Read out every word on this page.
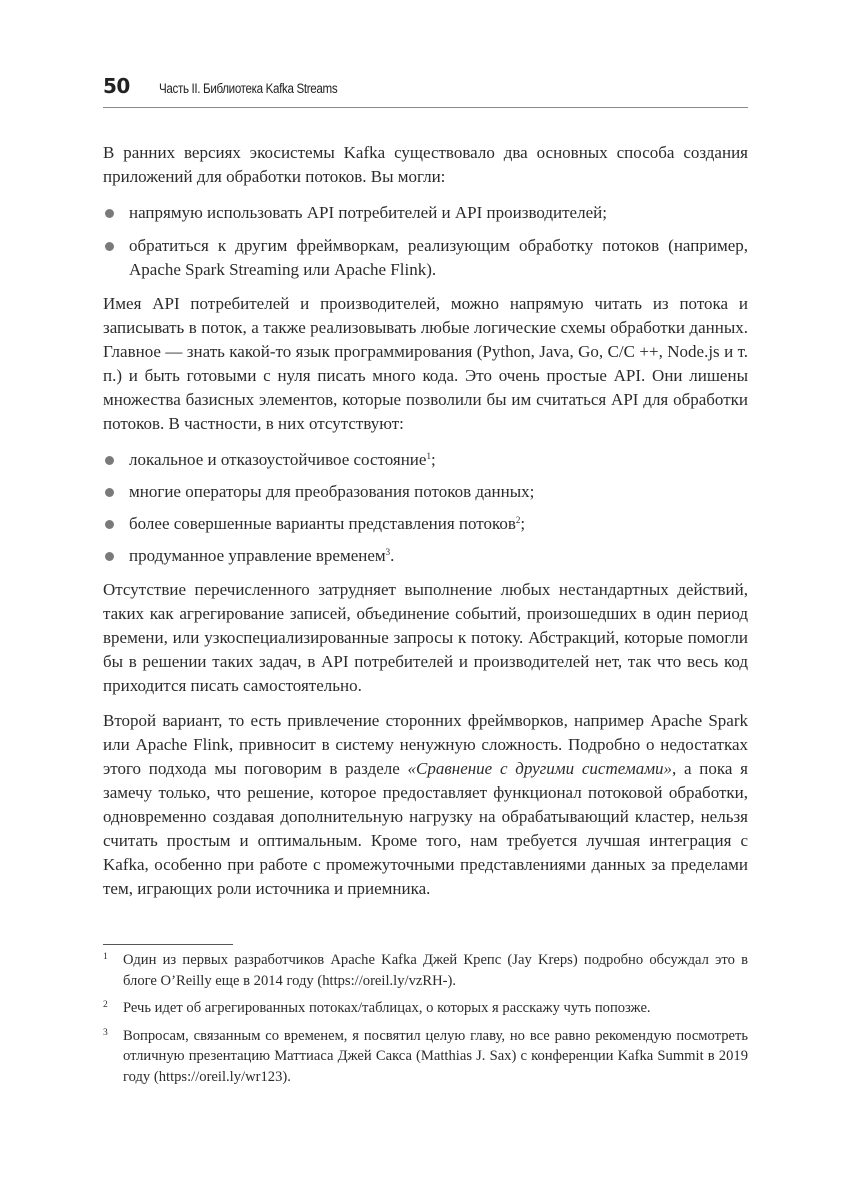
50 Часть II. Библиотека Kafka Streams

В ранних версиях экосистемы Kafka существовало два основных способа создания приложений для обработки потоков. Вы могли:

напрямую использовать API потребителей и API производителей;
обратиться к другим фреймворкам, реализующим обработку потоков (например, Apache Spark Streaming или Apache Flink).

Имея API потребителей и производителей, можно напрямую читать из потока и записывать в поток, а также реализовывать любые логические схемы обработки данных. Главное — знать какой-то язык программирования (Python, Java, Go, C/C ++, Node.js и т. п.) и быть готовыми с нуля писать много кода. Это очень простые API. Они лишены множества базисных элементов, которые позволили бы им считаться API для обработки потоков. В частности, в них отсутствуют:

локальное и отказоустойчивое состояние$^1$;
многие операторы для преобразования потоков данных;
более совершенные варианты представления потоков$^2$;
продуманное управление временем$^3$.

Отсутствие перечисленного затрудняет выполнение любых нестандартных действий, таких как агрегирование записей, объединение событий, произошедших в один период времени, или узкоспециализированные запросы к потоку. Абстракций, которые помогли бы в решении таких задач, в API потребителей и производителей нет, так что весь код приходится писать самостоятельно.

Второй вариант, то есть привлечение сторонних фреймворков, например Apache Spark или Apache Flink, привносит в систему ненужную сложность. Подробно о недостатках этого подхода мы поговорим в разделе «Сравнение с другими системами», а пока я замечу только, что решение, которое предоставляет функционал потоковой обработки, одновременно создавая дополнительную нагрузку на обрабатывающий кластер, нельзя считать простым и оптимальным. Кроме того, нам требуется лучшая интеграция с Kafka, особенно при работе с промежуточными представлениями данных за пределами тем, играющих роли источника и приемника.

1 Один из первых разработчиков Apache Kafka Джей Крепс (Jay Kreps) подробно обсуждал это в блоге O’Reilly еще в 2014 году (https://oreil.ly/vzRH-).

2 Речь идет об агрегированных потоках/таблицах, о которых я расскажу чуть попозже.

3 Вопросам, связанным со временем, я посвятил целую главу, но все равно рекомендую посмотреть отличную презентацию Маттиаса Джей Сакса (Matthias J. Sax) с конференции Kafka Summit в 2019 году (https://oreil.ly/wr123).
